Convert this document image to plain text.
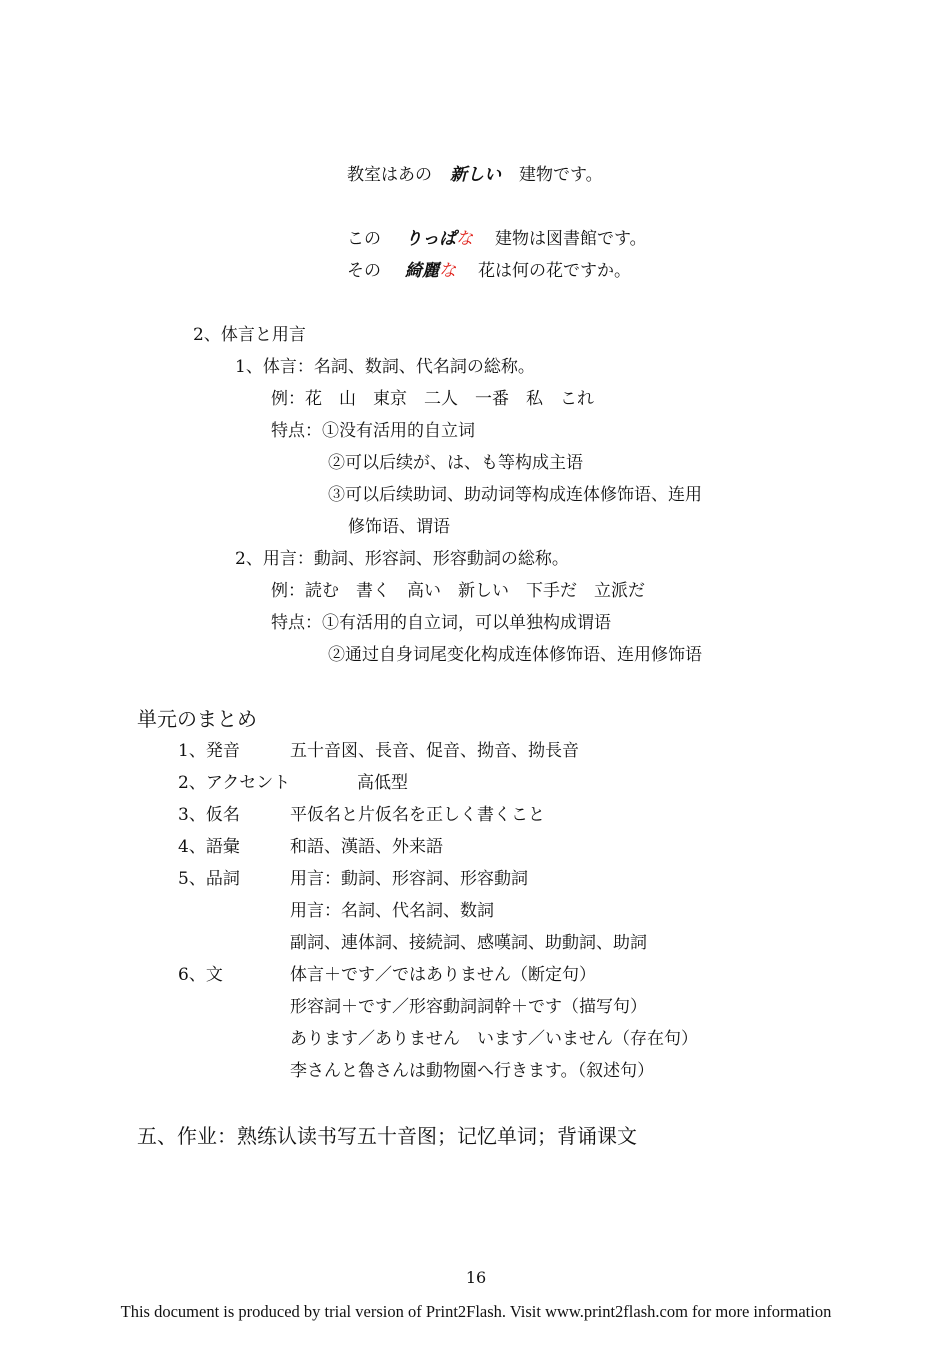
教室はあの 新しい 建物です。
この りっぱな 建物は図書館です。
その 綺麗な 花は何の花ですか。
2、体言と用言
1、体言：名詞、数詞、代名詞の総称。
例：花　山　東京　二人　一番　私　これ
特点：①没有活用的自立词
②可以后续が、は、も等构成主语
③可以后续助词、助动词等构成连体修饰语、连用
修饰语、谓语
2、用言：動詞、形容詞、形容動詞の総称。
例：読む　書く　高い　新しい　下手だ　立派だ
特点：①有活用的自立词，可以单独构成谓语
②通过自身词尾变化构成连体修饰语、连用修饰语
単元のまとめ
1、発音	五十音図、長音、促音、拗音、拗長音
2、アクセント	高低型
3、仮名	平仮名と片仮名を正しく書くこと
4、語彙	和語、漢語、外来語
5、品詞	用言：動詞、形容詞、形容動詞
用言：名詞、代名詞、数詞
副詞、連体詞、接続詞、感嘆詞、助動詞、助詞
6、文	体言＋です／ではありません（断定句）
形容詞＋です／形容動詞詞幹＋です（描写句）
あります／ありません　います／いません（存在句）
李さんと魯さんは動物園へ行きます。（叙述句）
五、作业：熟练认读书写五十音图；记忆单词；背诵课文
16
This document is produced by trial version of Print2Flash. Visit www.print2flash.com for more information
